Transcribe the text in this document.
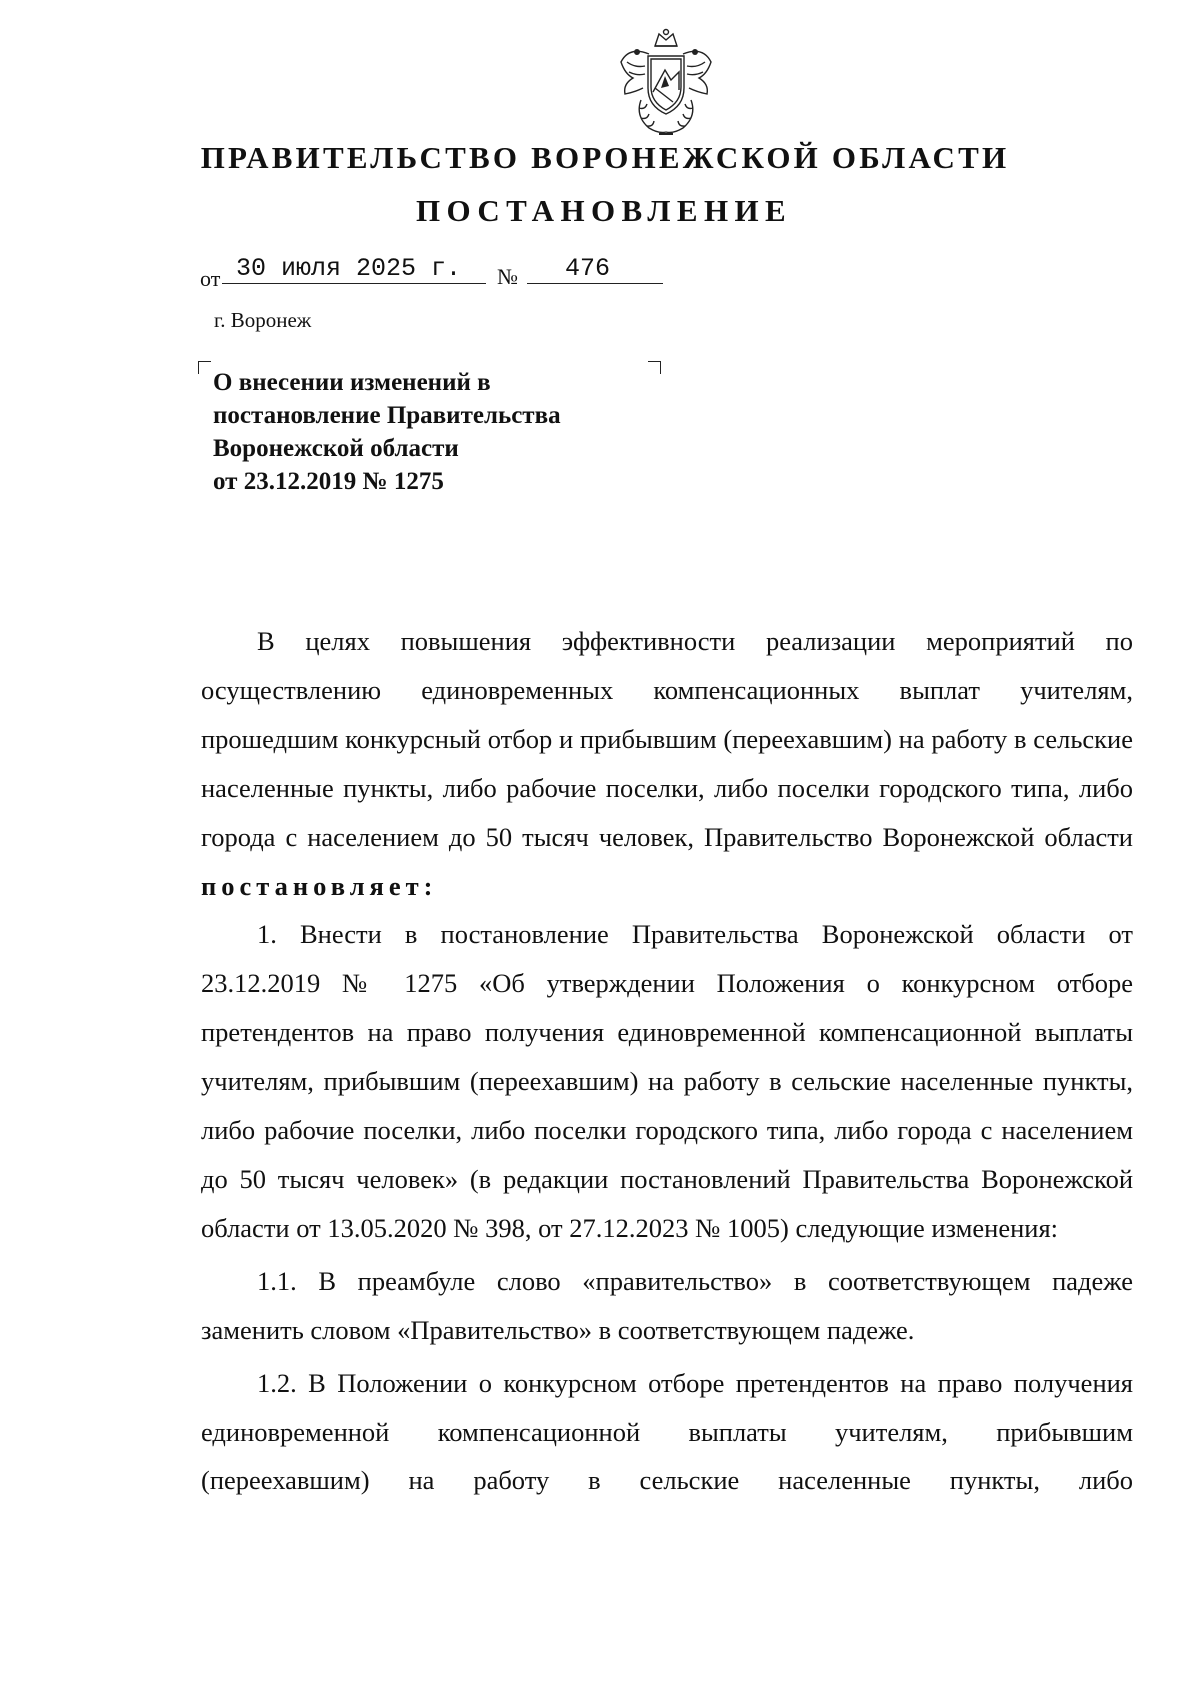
ПРАВИТЕЛЬСТВО ВОРОНЕЖСКОЙ ОБЛАСТИ
ПОСТАНОВЛЕНИЕ
от 30 июля 2025 г.	№	476
г. Воронеж
О внесении изменений в
постановление Правительства
Воронежской области
от 23.12.2019 № 1275

В целях повышения эффективности реализации мероприятий по осуществлению единовременных компенсационных выплат учителям, прошедшим конкурсный отбор и прибывшим (переехавшим) на работу в сельские населенные пункты, либо рабочие поселки, либо поселки городского типа, либо города с населением до 50 тысяч человек, Правительство Воронежской области постановляет:

1. Внести в постановление Правительства Воронежской области от 23.12.2019 № 1275 «Об утверждении Положения о конкурсном отборе претендентов на право получения единовременной компенсационной выплаты учителям, прибывшим (переехавшим) на работу в сельские населенные пункты, либо рабочие поселки, либо поселки городского типа, либо города с населением до 50 тысяч человек» (в редакции постановлений Правительства Воронежской области от 13.05.2020 № 398, от 27.12.2023 № 1005) следующие изменения:

1.1. В преамбуле слово «правительство» в соответствующем падеже заменить словом «Правительство» в соответствующем падеже.

1.2. В Положении о конкурсном отборе претендентов на право получения единовременной компенсационной выплаты учителям, прибывшим (переехавшим) на работу в сельские населенные пункты, либо
